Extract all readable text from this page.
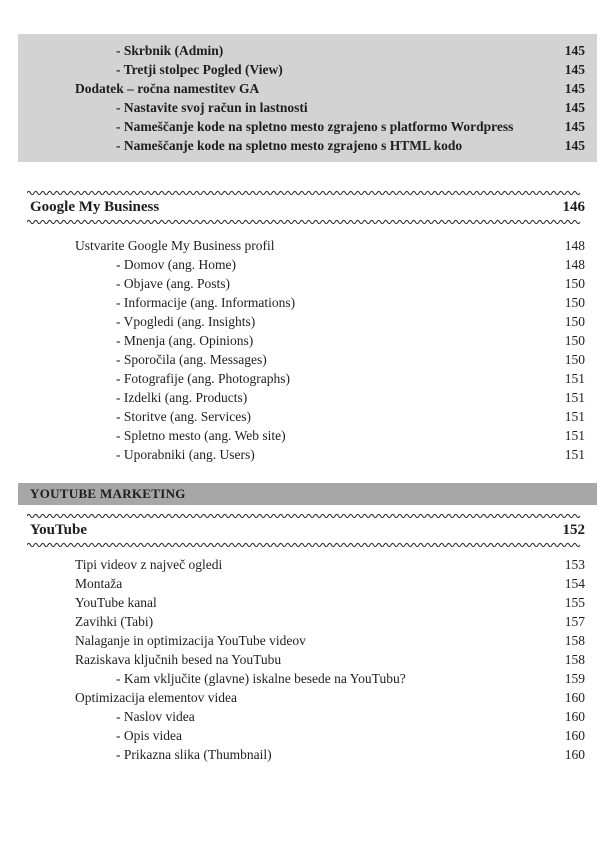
- Skrbnik (Admin)	145
- Tretji stolpec Pogled (View)	145
Dodatek – ročna namestitev GA	145
- Nastavite svoj račun in lastnosti	145
- Nameščanje kode na spletno mesto zgrajeno s platformo Wordpress	145
- Nameščanje kode na spletno mesto zgrajeno s HTML kodo	145
Google My Business	146
Ustvarite Google My Business profil	148
- Domov (ang. Home)	148
- Objave (ang. Posts)	150
- Informacije (ang. Informations)	150
- Vpogledi (ang. Insights)	150
- Mnenja (ang. Opinions)	150
- Sporočila (ang. Messages)	150
- Fotografije (ang. Photographs)	151
- Izdelki (ang. Products)	151
- Storitve (ang. Services)	151
- Spletno mesto (ang. Web site)	151
- Uporabniki (ang. Users)	151
YOUTUBE MARKETING
YouTube	152
Tipi videov z največ ogledi	153
Montaža	154
YouTube kanal	155
Zavihki (Tabi)	157
Nalaganje in optimizacija YouTube videov	158
Raziskava ključnih besed na YouTubu	158
- Kam vključite (glavne) iskalne besede na YouTubu?	159
Optimizacija elementov videa	160
- Naslov videa	160
- Opis videa	160
- Prikazna slika (Thumbnail)	160
